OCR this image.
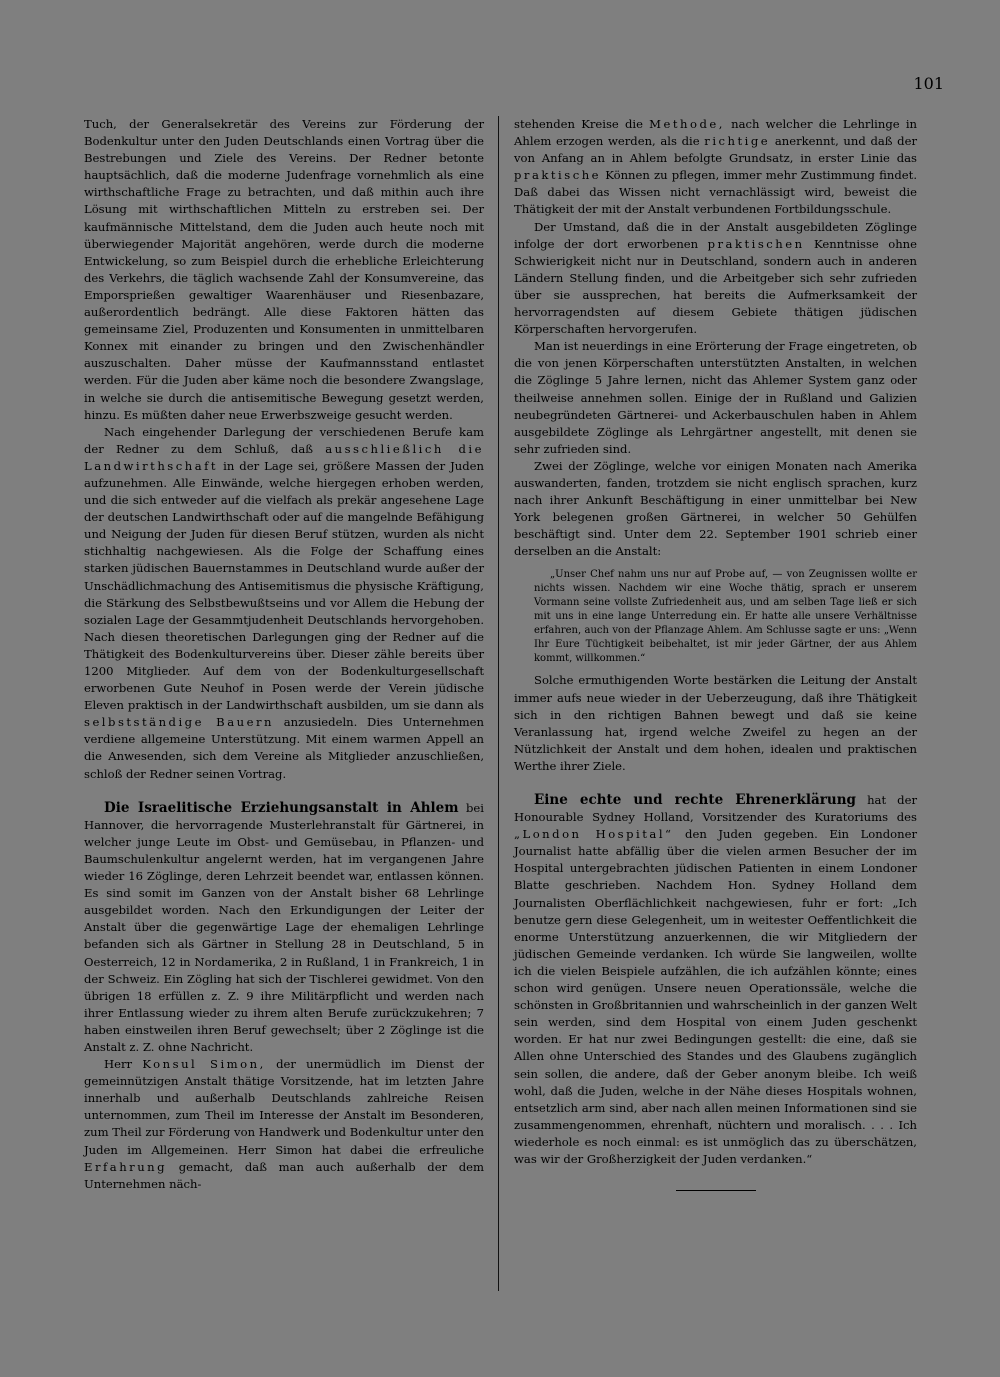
101

Tuch, der Generalsekretär des Vereins zur Förderung der Bodenkultur unter den Juden Deutschlands einen Vortrag über die Bestrebungen und Ziele des Vereins. Der Redner betonte hauptsächlich, daß die moderne Judenfrage vornehmlich als eine wirthschaftliche Frage zu betrachten, und daß mithin auch ihre Lösung mit wirthschaftlichen Mitteln zu erstreben sei. Der kaufmännische Mittelstand, dem die Juden auch heute noch mit überwiegender Majorität angehören, werde durch die moderne Entwickelung, so zum Beispiel durch die erhebliche Erleichterung des Verkehrs, die täglich wachsende Zahl der Konsumvereine, das Emporsprießen gewaltiger Waarenhäuser und Riesenbazare, außerordentlich bedrängt. Alle diese Faktoren hätten das gemeinsame Ziel, Produzenten und Konsumenten in unmittelbaren Konnex mit einander zu bringen und den Zwischenhändler auszuschalten. Daher müsse der Kaufmannsstand entlastet werden. Für die Juden aber käme noch die besondere Zwangslage, in welche sie durch die antisemitische Bewegung gesetzt werden, hinzu. Es müßten daher neue Erwerbszweige gesucht werden.

Nach eingehender Darlegung der verschiedenen Berufe kam der Redner zu dem Schluß, daß ausschließlich die Landwirthschaft in der Lage sei, größere Massen der Juden aufzunehmen. Alle Einwände, welche hiergegen erhoben werden, und die sich entweder auf die vielfach als prekär angesehene Lage der deutschen Landwirthschaft oder auf die mangelnde Befähigung und Neigung der Juden für diesen Beruf stützen, wurden als nicht stichhaltig nachgewiesen. Als die Folge der Schaffung eines starken jüdischen Bauernstammes in Deutschland wurde außer der Unschädlichmachung des Antisemitismus die physische Kräftigung, die Stärkung des Selbstbewußtseins und vor Allem die Hebung der sozialen Lage der Gesammtjudenheit Deutschlands hervorgehoben. Nach diesen theoretischen Darlegungen ging der Redner auf die Thätigkeit des Bodenkulturvereins über. Dieser zähle bereits über 1200 Mitglieder. Auf dem von der Bodenkulturgesellschaft erworbenen Gute Neuhof in Posen werde der Verein jüdische Eleven praktisch in der Landwirthschaft ausbilden, um sie dann als selbstständige Bauern anzusiedeln. Dies Unternehmen verdiene allgemeine Unterstützung. Mit einem warmen Appell an die Anwesenden, sich dem Vereine als Mitglieder anzuschließen, schloß der Redner seinen Vortrag.

Die Israelitische Erziehungsanstalt in Ahlem bei Hannover, die hervorragende Musterlehranstalt für Gärtnerei, in welcher junge Leute im Obst- und Gemüsebau, in Pflanzen- und Baumschulenkultur angelernt werden, hat im vergangenen Jahre wieder 16 Zöglinge, deren Lehrzeit beendet war, entlassen können. Es sind somit im Ganzen von der Anstalt bisher 68 Lehrlinge ausgebildet worden. Nach den Erkundigungen der Leiter der Anstalt über die gegenwärtige Lage der ehemaligen Lehrlinge befanden sich als Gärtner in Stellung 28 in Deutschland, 5 in Oesterreich, 12 in Nordamerika, 2 in Rußland, 1 in Frankreich, 1 in der Schweiz. Ein Zögling hat sich der Tischlerei gewidmet. Von den übrigen 18 erfüllen z. Z. 9 ihre Militärpflicht und werden nach ihrer Entlassung wieder zu ihrem alten Berufe zurückzukehren; 7 haben einstweilen ihren Beruf gewechselt; über 2 Zöglinge ist die Anstalt z. Z. ohne Nachricht.

Herr Konsul Simon, der unermüdlich im Dienst der gemeinnützigen Anstalt thätige Vorsitzende, hat im letzten Jahre innerhalb und außerhalb Deutschlands zahlreiche Reisen unternommen, zum Theil im Interesse der Anstalt im Besonderen, zum Theil zur Förderung von Handwerk und Bodenkultur unter den Juden im Allgemeinen. Herr Simon hat dabei die erfreuliche Erfahrung gemacht, daß man auch außerhalb der dem Unternehmen näch-

stehenden Kreise die Methode, nach welcher die Lehrlinge in Ahlem erzogen werden, als die richtige anerkennt, und daß der von Anfang an in Ahlem befolgte Grundsatz, in erster Linie das praktische Können zu pflegen, immer mehr Zustimmung findet. Daß dabei das Wissen nicht vernachlässigt wird, beweist die Thätigkeit der mit der Anstalt verbundenen Fortbildungsschule.

Der Umstand, daß die in der Anstalt ausgebildeten Zöglinge infolge der dort erworbenen praktischen Kenntnisse ohne Schwierigkeit nicht nur in Deutschland, sondern auch in anderen Ländern Stellung finden, und die Arbeitgeber sich sehr zufrieden über sie aussprechen, hat bereits die Aufmerksamkeit der hervorragendsten auf diesem Gebiete thätigen jüdischen Körperschaften hervorgerufen.

Man ist neuerdings in eine Erörterung der Frage eingetreten, ob die von jenen Körperschaften unterstützten Anstalten, in welchen die Zöglinge 5 Jahre lernen, nicht das Ahlemer System ganz oder theilweise annehmen sollen. Einige der in Rußland und Galizien neubegründeten Gärtnerei- und Ackerbauschulen haben in Ahlem ausgebildete Zöglinge als Lehrgärtner angestellt, mit denen sie sehr zufrieden sind.

Zwei der Zöglinge, welche vor einigen Monaten nach Amerika auswanderten, fanden, trotzdem sie nicht englisch sprachen, kurz nach ihrer Ankunft Beschäftigung in einer unmittelbar bei New York belegenen großen Gärtnerei, in welcher 50 Gehülfen beschäftigt sind. Unter dem 22. September 1901 schrieb einer derselben an die Anstalt:

„Unser Chef nahm uns nur auf Probe auf, — von Zeugnissen wollte er nichts wissen. Nachdem wir eine Woche thätig, sprach er unserem Vormann seine vollste Zufriedenheit aus, und am selben Tage ließ er sich mit uns in eine lange Unterredung ein. Er hatte alle unsere Verhältnisse erfahren, auch von der Pflanzage Ahlem. Am Schlusse sagte er uns: „Wenn Ihr Eure Tüchtigkeit beibehaltet, ist mir jeder Gärtner, der aus Ahlem kommt, willkommen.“

Solche ermuthigenden Worte bestärken die Leitung der Anstalt immer aufs neue wieder in der Ueberzeugung, daß ihre Thätigkeit sich in den richtigen Bahnen bewegt und daß sie keine Veranlassung hat, irgend welche Zweifel zu hegen an der Nützlichkeit der Anstalt und dem hohen, idealen und praktischen Werthe ihrer Ziele.

Eine echte und rechte Ehrenerklärung hat der Honourable Sydney Holland, Vorsitzender des Kuratoriums des „London Hospital“ den Juden gegeben. Ein Londoner Journalist hatte abfällig über die vielen armen Besucher der im Hospital untergebrachten jüdischen Patienten in einem Londoner Blatte geschrieben. Nachdem Hon. Sydney Holland dem Journalisten Oberflächlichkeit nachgewiesen, fuhr er fort: „Ich benutze gern diese Gelegenheit, um in weitester Oeffentlichkeit die enorme Unterstützung anzuerkennen, die wir Mitgliedern der jüdischen Gemeinde verdanken. Ich würde Sie langweilen, wollte ich die vielen Beispiele aufzählen, die ich aufzählen könnte; eines schon wird genügen. Unsere neuen Operationssäle, welche die schönsten in Großbritannien und wahrscheinlich in der ganzen Welt sein werden, sind dem Hospital von einem Juden geschenkt worden. Er hat nur zwei Bedingungen gestellt: die eine, daß sie Allen ohne Unterschied des Standes und des Glaubens zugänglich sein sollen, die andere, daß der Geber anonym bleibe. Ich weiß wohl, daß die Juden, welche in der Nähe dieses Hospitals wohnen, entsetzlich arm sind, aber nach allen meinen Informationen sind sie zusammengenommen, ehrenhaft, nüchtern und moralisch. . . . Ich wiederhole es noch einmal: es ist unmöglich das zu überschätzen, was wir der Großherzigkeit der Juden verdanken.“
